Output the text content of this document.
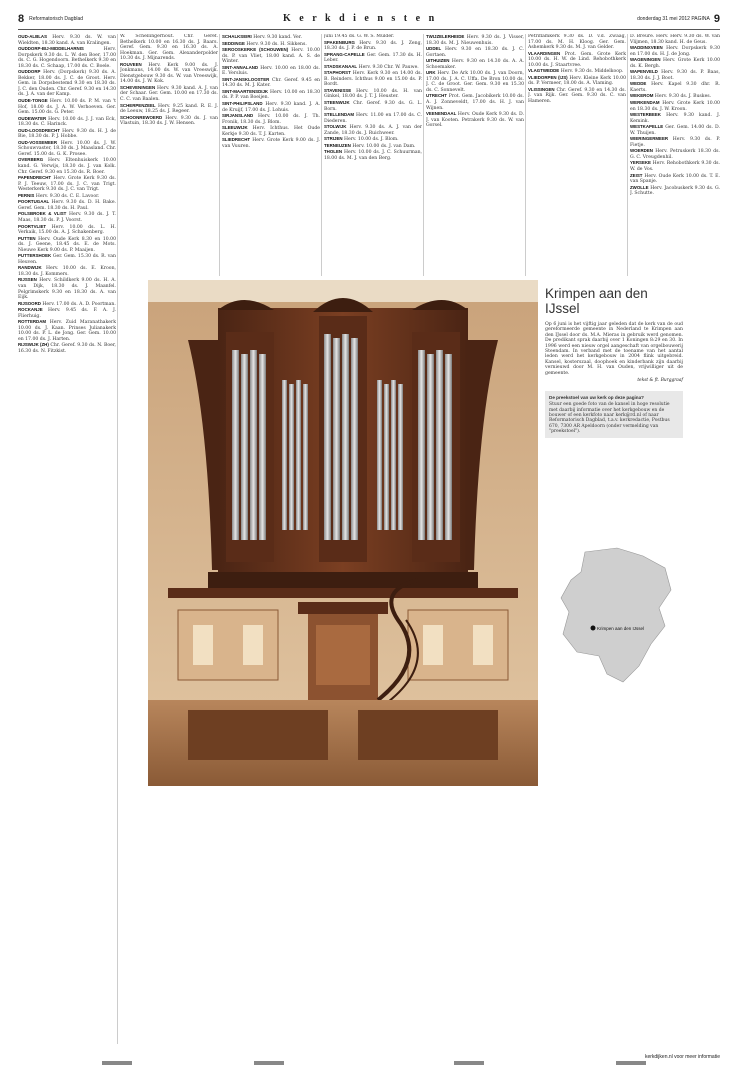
8 Reformatorisch Dagblad	K e r k d i e n s t e n	donderdag 31 mei 2012 PAGINA 9

OUD-ALBLAS Herv. 9.30 ds. W. van Wieldten, 18.30 kand. A. van Kralingen.

OUDDORP-BIJ-MIDDELHARNIS	Herv. Dorpskerk 9.30 ds. L. W. den Boer, 17.00 ds. C. G. Hogendoorn. Bethelkerk 9.30 en 18.30 ds. C. Schaap, 17.00 ds. C. Boele.

OUDDORP Herv. (Dorpskerk) 9.30 ds. A. Bekker, 18.00 ds. J. C. de Groot. Herv. Gem. in Dorpsbestemd 9.30 en 18.30 ds. J. C. den Ouden. Chr. Geref. 9.30 en 14.30 ds. J. A. van der Kamp.

OUDE-TONGE Herv. 10.00 ds. P. M. van 't Hof, 18.00 ds. J. A. W. Verhoeven. Ger. Gem. 15.00 ds. G. Peter.

OUDEWATER Herv. 10.00 ds. J. J. van Eck, 18.30 ds. C. Harinck.

OUD-LOOSDRECHT Herv. 9.30 ds. H. J. de Bie, 18.30 ds. P. J. Hobbe.

OUD-VOSSEMEER Herv. 10.00 ds. J. W. Schouwvaster, 18.30 ds. J. Maasland. Chr. Geref. 15.00 ds. G. K. Prosee.

OVERBERG Herv. Eltenhuiskerk 10.00 kand. G. Verwijs, 18.30 ds. J. van Kolk. Chr. Geref. 9.30 en 15.30 ds. R. Boer.

PAPENDRECHT Herv. Grote Kerk 9.30 ds. P. J. Teeuw, 17.00 ds. J. C. van Trigt. Westerkerk 9.30 ds. J. C. van Trigt.

PERNIS Herv. 9.30 ds. C. E. Lavoor.

POORTUGAAL Herv. 9.30 ds. D. H. Bake. Geref. Gem. 18.30 ds. H. Paul.

POLSBROEK & VLIST Herv. 9.30 ds. J. T. Maas, 18.30 ds. P. J. Voorst.

POORTVLIET Herv. 10.00 ds. L. H. Verkaik, 15.00 ds. A. J. Schakenberg.

PUTTEN Herv. Oude Kerk 8.30 en 10.00 ds. J. Geene, 18.45 ds. E. de Mots. Nieuwe Kerk 9.00 ds. P. Maaijen.

PUTTERSHOEK Ger. Gem. 15.30 ds. R. van Heuven.

RANDWIJK Herv. 10.00 ds. E. Kroon, 18.30 ds. J. Kommers.

RIJSSEN Herv. Schildkerk 9.00 ds. H. A. van Dijk, 18.30 ds. J. Maanfel. Pelgrimskerk 9.30 en 18.30 ds. A. van Eijk.

RIJSOORD Herv. 17.00 ds. A. D. Poortman.

ROCKANJE Herv. 9.45 ds. F. A. J. Flierhuig.

ROTTERDAM Herv. Zuid Maranathakerk 10.00 ds. J. Kaan. Prinses Julianakerk 10.00 ds. P. L. de Jong. Ger. Gem. 10.00 en 17.00 ds. J. Harten.

RIJSWIJK (ZH) Chr. Geref. 9.30 ds. N. Boer, 16.30 ds. N. Fitzkist.

W. Schellingerhout. Chr. Geref. Bethelkerk 10.00 en 16.30 ds. J. Baars. Geref. Gem. 9.30 en 16.30 ds. A. Hoekman. Ger. Gem. Alexanderpolder 10.30 ds. J. Mijnarends.

ROUVEEN Herv. Kerk 9.00 ds. J. Jonkmans, 14.00 ds. W. van Vreeswijk. Dienstgebouw 9.30 ds. W. van Vreeswijk, 14.00 ds. J. W. Kok.

SCHEVENINGEN Herv. 9.30 kand. A. J. van der Schaar. Ger. Gem. 10.00 en 17.30 ds. C. C. van Baalen.

SCHERPENZEEL Herv. 9.25 kand. R. E. J. de Leeuw, 18.25 ds. J. Regeer.

SCHOONREWOERD Herv. 9.30 ds. J. van Vlastuin, 18.30 ds. J. W. Hensen.

SCHALKSEIRI Herv. 9.30 kand. Ver.

SEDDINGE Herv. 9.30 ds. H. Sikkens.

SEROOSKERKE (SCHOUWEN) Herv. 10.00 ds. P. van Vliet, 18.00 kand. A. S. de Winter.

SINT-ANNALAND Herv. 10.00 en 18.00 ds. E. Versluis.

SINT-JANSKLOOSTER Chr. Geref. 9.45 en 14.30 ds. M. J. Kater.

SINT-MAARTENSDIJK Herv. 10.00 en 18.30 ds. P. P. van Boeijen.

SINT-PHILIPSLAND Herv. 9.30 kand. J. A. de Kruijf, 17.00 ds. J. Lohuis.

SIRJANSLAND Herv. 10.00 ds. J. Th. Fronik, 18.30 ds. J. Blom.

SLEEUWIJK Herv. Ichthus. Het Oude Kerkje 9.30 ds. T. J. Karten.

SLIEDRECHT Herv. Grote Kerk 9.00 ds. J. van Vuuren.

juni 19.45 ds. G. W. S. Mulder.

SPAKENBURG Herv. 9.30 ds. J. Zeng, 18.30 ds. J. P. de Brun.

SPRANG-CAPELLE Ger. Gem. 17.30 ds. H. Leber.

STADSKANAAL Herv. 9.30 Chr. W. Pauwe.

STAPHORST Herv. Kerk 9.30 en 14.00 ds. B. Reinders. Ichthus 9.00 en 15.00 ds. P. Bordt.

STAVENISSE Herv. 10.00 ds. H. van Ginkel, 18.00 ds. J. T. J. Heuster.

STEENWIJK Chr. Geref. 9.30 ds. G. L. Born.

STELLENDAM Herv. 11.00 en 17.00 ds. C. Diederen.

STOLWIJK Herv. 9.30 ds. A. J. van der Zande, 18.30 ds. J. Ruichweer.

STRIJEN Herv. 10.00 ds. J. Blom.

TERNEUZEN Herv. 10.00 ds. J. van Dam.

THOLEN Herv. 10.00 ds. J. C. Schuurman, 18.00 ds. M. J. van den Berg.

TWIJZELERHEIDE Herv. 9.30 ds. J. Visser, 18.30 ds. M. J. Nieuwenhuis.

UDDEL Herv. 9.30 en 18.30 ds. J. C. Gortaen.

UITHUIZEN Herv. 9.30 en 14.30 ds. A. A. Schoemaker.

URK Herv. De Ark 10.00 ds. J. van Doorn, 17.00 ds. J. A. C. Uffa. De Bron 10.00 ds. J. C. de Groot. Ger. Gem. 9.30 en 15.30 ds. C. Sonnevelt.

UTRECHT Prot. Gem. Jacobikerk 10.00 ds. A. J. Zonneveldt, 17.00 ds. H. J. van Wijnen.

VEENENDAAL Herv. Oude Kerk 9.30 ds. D. J. van Kooten. Petrakerk 9.30 ds. W. van Gorsel.

Petriflamkerk 9.30 ds. D. v.d. Zwaag, 17.00 ds. M. H. Kloog. Ger. Gem. Ashemkerk 9.30 ds. M. J. van Gelder.

VLAARDINGEN Prot. Gem. Grote Kerk 10.00 ds. H. W. de Lind. Rehobothkerk 10.00 ds. J. Staartvree.

VLAGTWEDDE Herv. 9.30 ds. Middelkoop.

VLIEDORPEN (IJS) Herv. Kleine Kerk 10.00 ds. P. Vermeer, 18.00 ds. A. Vlaming.

VLISSINGEN Chr. Geref. 9.30 en 14.30 ds. J. van Rijk. Ger. Gem. 9.30 ds. C. van Hameren.

D. Breure. Herv. Herv. 9.30 ds. W. van Vlijmen, 18.30 kand. H. de Geus.

WADDINXVEEN Herv. Dorpskerk 9.30 en 17.00 ds. H. J. de Jong.

WAGENINGEN Herv. Grote Kerk 10.00 ds. K. Bergh.

WAPENVELD Herv. 9.30 ds. P. Baas, 18.30 ds. J. J. Boot.

WEDDE Herv. Kapel 9.30 dhr. R. Kaerts.

WEKEROM Herv. 9.30 ds. J. Buskes.

WERKENDAM Herv. Grote Kerk 10.00 en 18.30 ds. J. W. Kroon.

WESTERBEEK Herv. 9.30 kand. J. Kemink.

WESTKAPELLE Ger. Gem. 14.00 ds. D. W. Thuijen.

WIERINGERMEER Herv. 9.30 ds. P. Fietje.

WOERDEN Herv. Petruskerk 18.30 ds. G. C. Vreugdenhil.

YERSEKE Herv. Rehobothkerk 9.30 ds. W. de Vos.

ZEIST Herv. Oude Kerk 10.00 ds. T. E. van Spanje.

ZWOLLE Herv. Jacobuskerk 9.30 ds. G. J. Schutte.

Krimpen aan den IJssel
Op 6 juni is het vijftig jaar geleden dat de kerk van de oud gereformeerde gemeente in Nederland te Krimpen aan den IJssel door ds. M.A. Mieras in gebruik werd genomen. De predikant sprak daarbij over 1 Koningen 8:29 en 30. In 1996 werd een nieuw orgel aangeschaft van orgelbouwerij Steendam. In verband met de toename van het aantal leden werd het kerkgebouw in 2004 flink uitgebreid. Kansel, kosterszaal, doophoek en kinderbank zijn daarbij vernieuwd door M. H. van Ouden, vrijwilliger uit de gemeente.
tekst & ft. Burggraaf
De preekstoel van uw kerk op deze pagina?
Stuur een goede foto van de kansel in hoge resolutie met daarbij informatie over het kerkgebouw en de bouwer of een kerkfoto naar kerk@rd.nl of naar Reformatorisch Dagblad, t.a.v. kerkredactie, Postbus 670, 7300 AR Apeldoorn (onder vermelding van "preekstoel").
Krimpen aan den IJssel
kerkdijken.nl voor meer informatie
